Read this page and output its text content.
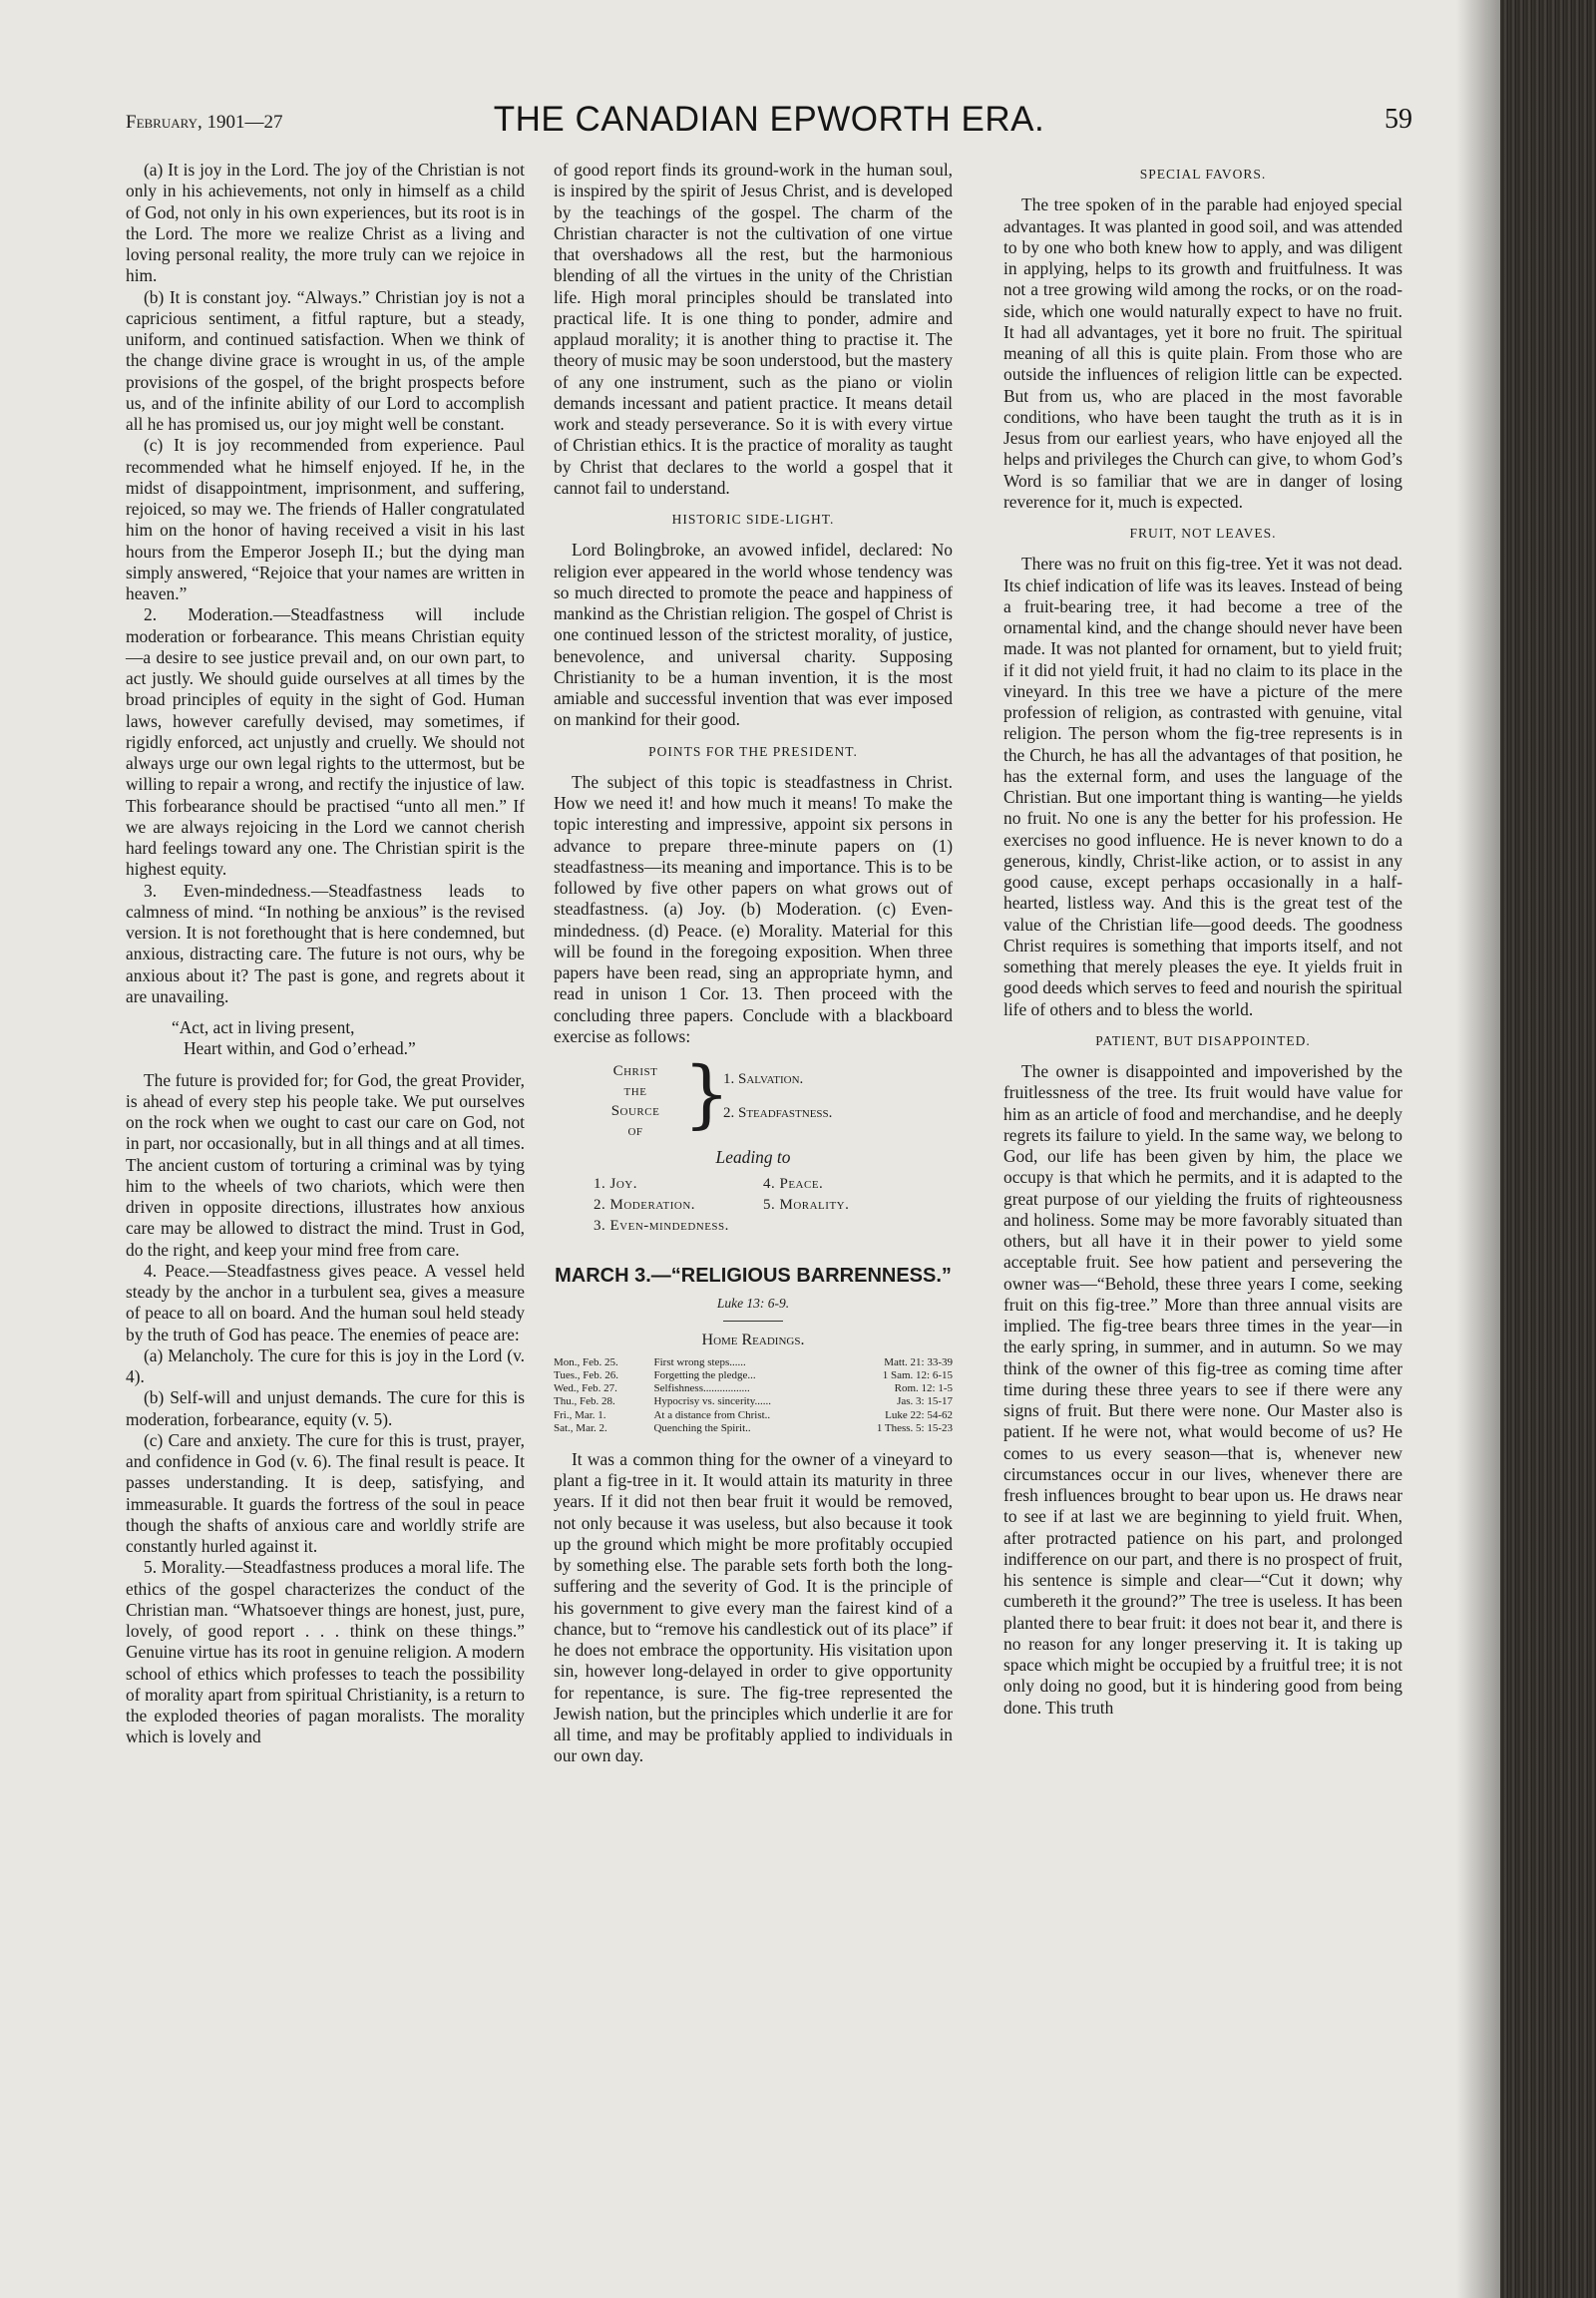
February, 1901—27	THE CANADIAN EPWORTH ERA.	59

(a) It is joy in the Lord. The joy of the Christian is not only in his achievements, not only in himself as a child of God, not only in his own experiences, but its root is in the Lord. The more we realize Christ as a living and loving personal reality, the more truly can we rejoice in him.

(b) It is constant joy. “Always.” Christian joy is not a capricious sentiment, a fitful rapture, but a steady, uniform, and continued satisfaction. When we think of the change divine grace is wrought in us, of the ample provisions of the gospel, of the bright prospects before us, and of the infinite ability of our Lord to accomplish all he has promised us, our joy might well be constant.

(c) It is joy recommended from experience. Paul recommended what he himself enjoyed. If he, in the midst of disappointment, imprisonment, and suffering, rejoiced, so may we. The friends of Haller congratulated him on the honor of having received a visit in his last hours from the Emperor Joseph II.; but the dying man simply answered, “Rejoice that your names are written in heaven.”

2. Moderation.—Steadfastness will include moderation or forbearance. This means Christian equity—a desire to see justice prevail and, on our own part, to act justly. We should guide ourselves at all times by the broad principles of equity in the sight of God. Human laws, however carefully devised, may sometimes, if rigidly enforced, act unjustly and cruelly. We should not always urge our own legal rights to the uttermost, but be willing to repair a wrong, and rectify the injustice of law. This forbearance should be practised “unto all men.” If we are always rejoicing in the Lord we cannot cherish hard feelings toward any one. The Christian spirit is the highest equity.

3. Even-mindedness.—Steadfastness leads to calmness of mind. “In nothing be anxious” is the revised version. It is not forethought that is here condemned, but anxious, distracting care. The future is not ours, why be anxious about it? The past is gone, and regrets about it are unavailing.

“Act, act in living present,
Heart within, and God o’erhead.”

The future is provided for; for God, the great Provider, is ahead of every step his people take. We put ourselves on the rock when we ought to cast our care on God, not in part, nor occasionally, but in all things and at all times. The ancient custom of torturing a criminal was by tying him to the wheels of two chariots, which were then driven in opposite directions, illustrates how anxious care may be allowed to distract the mind. Trust in God, do the right, and keep your mind free from care.

4. Peace.—Steadfastness gives peace. A vessel held steady by the anchor in a turbulent sea, gives a measure of peace to all on board. And the human soul held steady by the truth of God has peace. The enemies of peace are:

(a) Melancholy. The cure for this is joy in the Lord (v. 4).

(b) Self-will and unjust demands. The cure for this is moderation, forbearance, equity (v. 5).

(c) Care and anxiety. The cure for this is trust, prayer, and confidence in God (v. 6). The final result is peace. It passes understanding. It is deep, satisfying, and immeasurable. It guards the fortress of the soul in peace though the shafts of anxious care and worldly strife are constantly hurled against it.

5. Morality.—Steadfastness produces a moral life. The ethics of the gospel characterizes the conduct of the Christian man. “Whatsoever things are honest, just, pure, lovely, of good report . . . think on these things.” Genuine virtue has its root in genuine religion. A modern school of ethics which professes to teach the possibility of morality apart from spiritual Christianity, is a return to the exploded theories of pagan moralists. The morality which is lovely and

of good report finds its ground-work in the human soul, is inspired by the spirit of Jesus Christ, and is developed by the teachings of the gospel. The charm of the Christian character is not the cultivation of one virtue that overshadows all the rest, but the harmonious blending of all the virtues in the unity of the Christian life. High moral principles should be translated into practical life. It is one thing to ponder, admire and applaud morality; it is another thing to practise it. The theory of music may be soon understood, but the mastery of any one instrument, such as the piano or violin demands incessant and patient practice. It means detail work and steady perseverance. So it is with every virtue of Christian ethics. It is the practice of morality as taught by Christ that declares to the world a gospel that it cannot fail to understand.

HISTORIC SIDE-LIGHT.

Lord Bolingbroke, an avowed infidel, declared: No religion ever appeared in the world whose tendency was so much directed to promote the peace and happiness of mankind as the Christian religion. The gospel of Christ is one continued lesson of the strictest morality, of justice, benevolence, and universal charity. Supposing Christianity to be a human invention, it is the most amiable and successful invention that was ever imposed on mankind for their good.

POINTS FOR THE PRESIDENT.

The subject of this topic is steadfastness in Christ. How we need it! and how much it means! To make the topic interesting and impressive, appoint six persons in advance to prepare three-minute papers on (1) steadfastness—its meaning and importance. This is to be followed by five other papers on what grows out of steadfastness. (a) Joy. (b) Moderation. (c) Even-mindedness. (d) Peace. (e) Morality. Material for this will be found in the foregoing exposition. When three papers have been read, sing an appropriate hymn, and read in unison 1 Cor. 13. Then proceed with the concluding three papers. Conclude with a blackboard exercise as follows:

Christ
the
Source
of }
1. Salvation.
2. Steadfastness.
Leading to
1. Joy.	4. Peace.
2. Moderation.	5. Morality.
3. Even-mindedness.
MARCH 3.—“RELIGIOUS BARRENNESS.”
Luke 13: 6-9.
Home Readings.
Mon., Feb. 25.	First wrong steps......	Matt. 21: 33-39
Tues., Feb. 26.	Forgetting the pledge...	1 Sam. 12: 6-15
Wed., Feb. 27.	Selfishness.................	Rom. 12: 1-5
Thu., Feb. 28.	Hypocrisy vs. sincerity......	Jas. 3: 15-17
Fri., Mar. 1.	At a distance from Christ..	Luke 22: 54-62
Sat., Mar. 2.	Quenching the Spirit..	1 Thess. 5: 15-23

It was a common thing for the owner of a vineyard to plant a fig-tree in it. It would attain its maturity in three years. If it did not then bear fruit it would be removed, not only because it was useless, but also because it took up the ground which might be more profitably occupied by something else. The parable sets forth both the long-suffering and the severity of God. It is the principle of his government to give every man the fairest kind of a chance, but to “remove his candlestick out of its place” if he does not embrace the opportunity. His visitation upon sin, however long-delayed in order to give opportunity for repentance, is sure. The fig-tree represented the Jewish nation, but the principles which underlie it are for all time, and may be profitably applied to individuals in our own day.

SPECIAL FAVORS.

The tree spoken of in the parable had enjoyed special advantages. It was planted in good soil, and was attended to by one who both knew how to apply, and was diligent in applying, helps to its growth and fruitfulness. It was not a tree growing wild among the rocks, or on the road-side, which one would naturally expect to have no fruit. It had all advantages, yet it bore no fruit. The spiritual meaning of all this is quite plain. From those who are outside the influences of religion little can be expected. But from us, who are placed in the most favorable conditions, who have been taught the truth as it is in Jesus from our earliest years, who have enjoyed all the helps and privileges the Church can give, to whom God’s Word is so familiar that we are in danger of losing reverence for it, much is expected.

FRUIT, NOT LEAVES.

There was no fruit on this fig-tree. Yet it was not dead. Its chief indication of life was its leaves. Instead of being a fruit-bearing tree, it had become a tree of the ornamental kind, and the change should never have been made. It was not planted for ornament, but to yield fruit; if it did not yield fruit, it had no claim to its place in the vineyard. In this tree we have a picture of the mere profession of religion, as contrasted with genuine, vital religion. The person whom the fig-tree represents is in the Church, he has all the advantages of that position, he has the external form, and uses the language of the Christian. But one important thing is wanting—he yields no fruit. No one is any the better for his profession. He exercises no good influence. He is never known to do a generous, kindly, Christ-like action, or to assist in any good cause, except perhaps occasionally in a half-hearted, listless way. And this is the great test of the value of the Christian life—good deeds. The goodness Christ requires is something that imports itself, and not something that merely pleases the eye. It yields fruit in good deeds which serves to feed and nourish the spiritual life of others and to bless the world.

PATIENT, BUT DISAPPOINTED.

The owner is disappointed and impoverished by the fruitlessness of the tree. Its fruit would have value for him as an article of food and merchandise, and he deeply regrets its failure to yield. In the same way, we belong to God, our life has been given by him, the place we occupy is that which he permits, and it is adapted to the great purpose of our yielding the fruits of righteousness and holiness. Some may be more favorably situated than others, but all have it in their power to yield some acceptable fruit. See how patient and persevering the owner was—“Behold, these three years I come, seeking fruit on this fig-tree.” More than three annual visits are implied. The fig-tree bears three times in the year—in the early spring, in summer, and in autumn. So we may think of the owner of this fig-tree as coming time after time during these three years to see if there were any signs of fruit. But there were none. Our Master also is patient. If he were not, what would become of us? He comes to us every season—that is, whenever new circumstances occur in our lives, whenever there are fresh influences brought to bear upon us. He draws near to see if at last we are beginning to yield fruit. When, after protracted patience on his part, and prolonged indifference on our part, and there is no prospect of fruit, his sentence is simple and clear—“Cut it down; why cumbereth it the ground?” The tree is useless. It has been planted there to bear fruit: it does not bear it, and there is no reason for any longer preserving it. It is taking up space which might be occupied by a fruitful tree; it is not only doing no good, but it is hindering good from being done. This truth
